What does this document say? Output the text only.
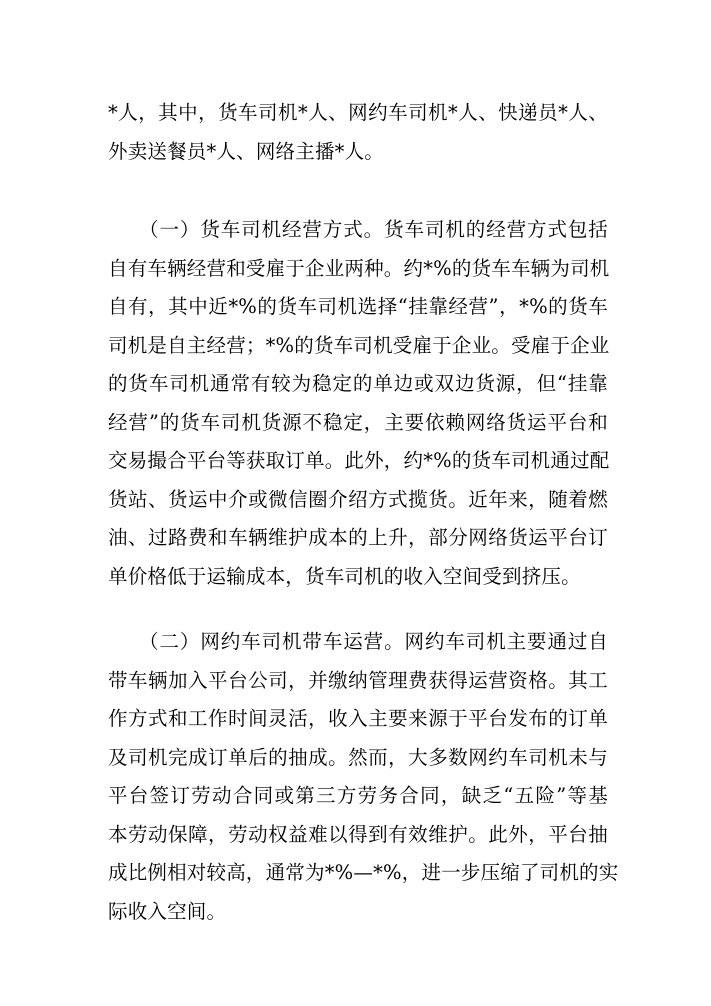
*人，其中，货车司机*人、网约车司机*人、快递员*人、
外卖送餐员*人、网络主播*人。
　　（一）货车司机经营方式。货车司机的经营方式包括
自有车辆经营和受雇于企业两种。约*%的货车车辆为司机
自有，其中近*%的货车司机选择“挂靠经营”，*%的货车
司机是自主经营；*%的货车司机受雇于企业。受雇于企业
的货车司机通常有较为稳定的单边或双边货源，但“挂靠
经营”的货车司机货源不稳定，主要依赖网络货运平台和
交易撮合平台等获取订单。此外，约*%的货车司机通过配
货站、货运中介或微信圈介绍方式揽货。近年来，随着燃
油、过路费和车辆维护成本的上升，部分网络货运平台订
单价格低于运输成本，货车司机的收入空间受到挤压。
　　（二）网约车司机带车运营。网约车司机主要通过自
带车辆加入平台公司，并缴纳管理费获得运营资格。其工
作方式和工作时间灵活，收入主要来源于平台发布的订单
及司机完成订单后的抽成。然而，大多数网约车司机未与
平台签订劳动合同或第三方劳务合同，缺乏“五险”等基
本劳动保障，劳动权益难以得到有效维护。此外，平台抽
成比例相对较高，通常为*%—*%，进一步压缩了司机的实
际收入空间。
